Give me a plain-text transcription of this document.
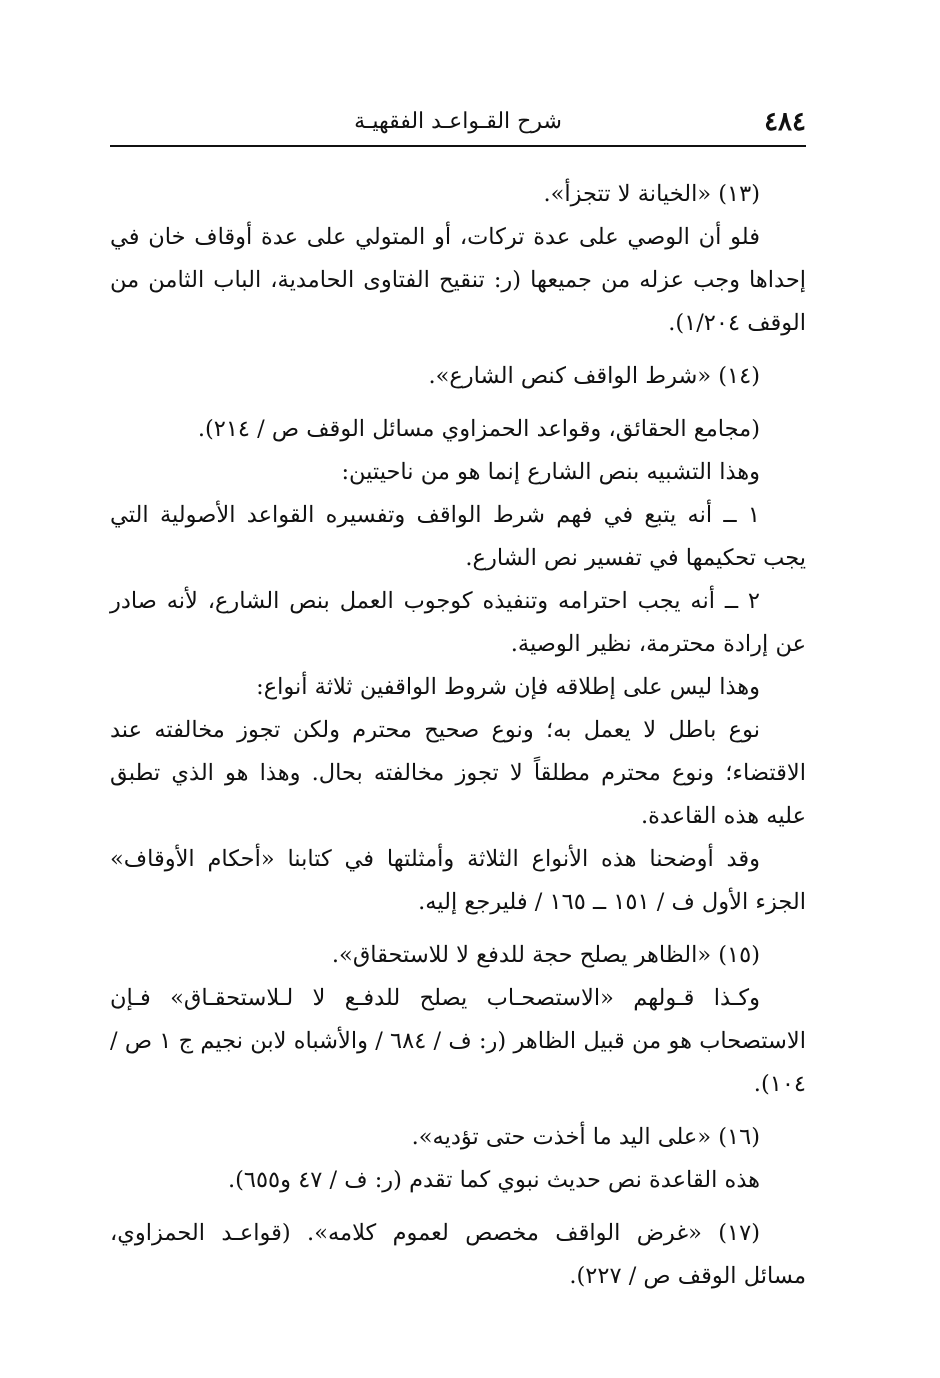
٤٨٤
شرح القـواعـد الفقهيـة

(١٣) «الخيانة لا تتجزأ».

فلو أن الوصي على عدة تركات، أو المتولي على عدة أوقاف خان في إحداها وجب عزله من جميعها (ر: تنقيح الفتاوى الحامدية، الباب الثامن من الوقف ١/٢٠٤).

(١٤) «شرط الواقف كنص الشارع».

(مجامع الحقائق، وقواعد الحمزاوي مسائل الوقف ص / ٢١٤).

وهذا التشبيه بنص الشارع إنما هو من ناحيتين:

١ ــ أنه يتبع في فهم شرط الواقف وتفسيره القواعد الأصولية التي يجب تحكيمها في تفسير نص الشارع.

٢ ــ أنه يجب احترامه وتنفيذه كوجوب العمل بنص الشارع، لأنه صادر عن إرادة محترمة، نظير الوصية.

وهذا ليس على إطلاقه فإن شروط الواقفين ثلاثة أنواع:

نوع باطل لا يعمل به؛ ونوع صحيح محترم ولكن تجوز مخالفته عند الاقتضاء؛ ونوع محترم مطلقاً لا تجوز مخالفته بحال. وهذا هو الذي تطبق عليه هذه القاعدة.

وقد أوضحنا هذه الأنواع الثلاثة وأمثلتها في كتابنا «أحكام الأوقاف» الجزء الأول ف / ١٥١ ــ ١٦٥ / فليرجع إليه.

(١٥) «الظاهر يصلح حجة للدفع لا للاستحقاق».

وكـذا قـولهم «الاستصحـاب يصلح للدفـع لا لـلاستحقـاق» فـإن الاستصحاب هو من قبيل الظاهر (ر: ف / ٦٨٤ / والأشباه لابن نجيم ج ١ ص / ١٠٤).

(١٦) «على اليد ما أخذت حتى تؤديه».

هذه القاعدة نص حديث نبوي كما تقدم (ر: ف / ٤٧ و٦٥٥).

(١٧) «غرض الواقف مخصص لعموم كلامه». (قواعـد الحمزاوي، مسائل الوقف ص / ٢٢٧).
